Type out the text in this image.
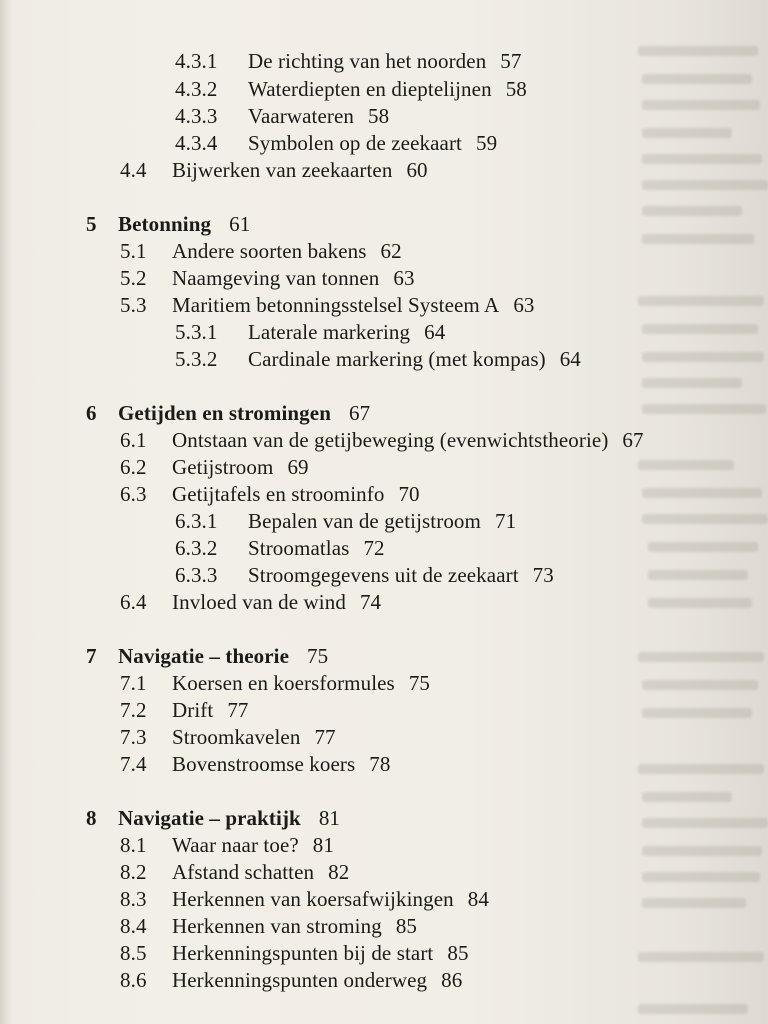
4.3.1 De richting van het noorden 57
4.3.2 Waterdiepten en dieptelijnen 58
4.3.3 Vaarwateren 58
4.3.4 Symbolen op de zeekaart 59
4.4 Bijwerken van zeekaarten 60
5 Betonning 61
5.1 Andere soorten bakens 62
5.2 Naamgeving van tonnen 63
5.3 Maritiem betonningsstelsel Systeem A 63
5.3.1 Laterale markering 64
5.3.2 Cardinale markering (met kompas) 64
6 Getijden en stromingen 67
6.1 Ontstaan van de getijbeweging (evenwichtstheorie) 67
6.2 Getijstroom 69
6.3 Getijtafels en stroominfo 70
6.3.1 Bepalen van de getijstroom 71
6.3.2 Stroomatlas 72
6.3.3 Stroomgegevens uit de zeekaart 73
6.4 Invloed van de wind 74
7 Navigatie – theorie 75
7.1 Koersen en koersformules 75
7.2 Drift 77
7.3 Stroomkavelen 77
7.4 Bovenstroomse koers 78
8 Navigatie – praktijk 81
8.1 Waar naar toe? 81
8.2 Afstand schatten 82
8.3 Herkennen van koersafwijkingen 84
8.4 Herkennen van stroming 85
8.5 Herkenningspunten bij de start 85
8.6 Herkenningspunten onderweg 86
